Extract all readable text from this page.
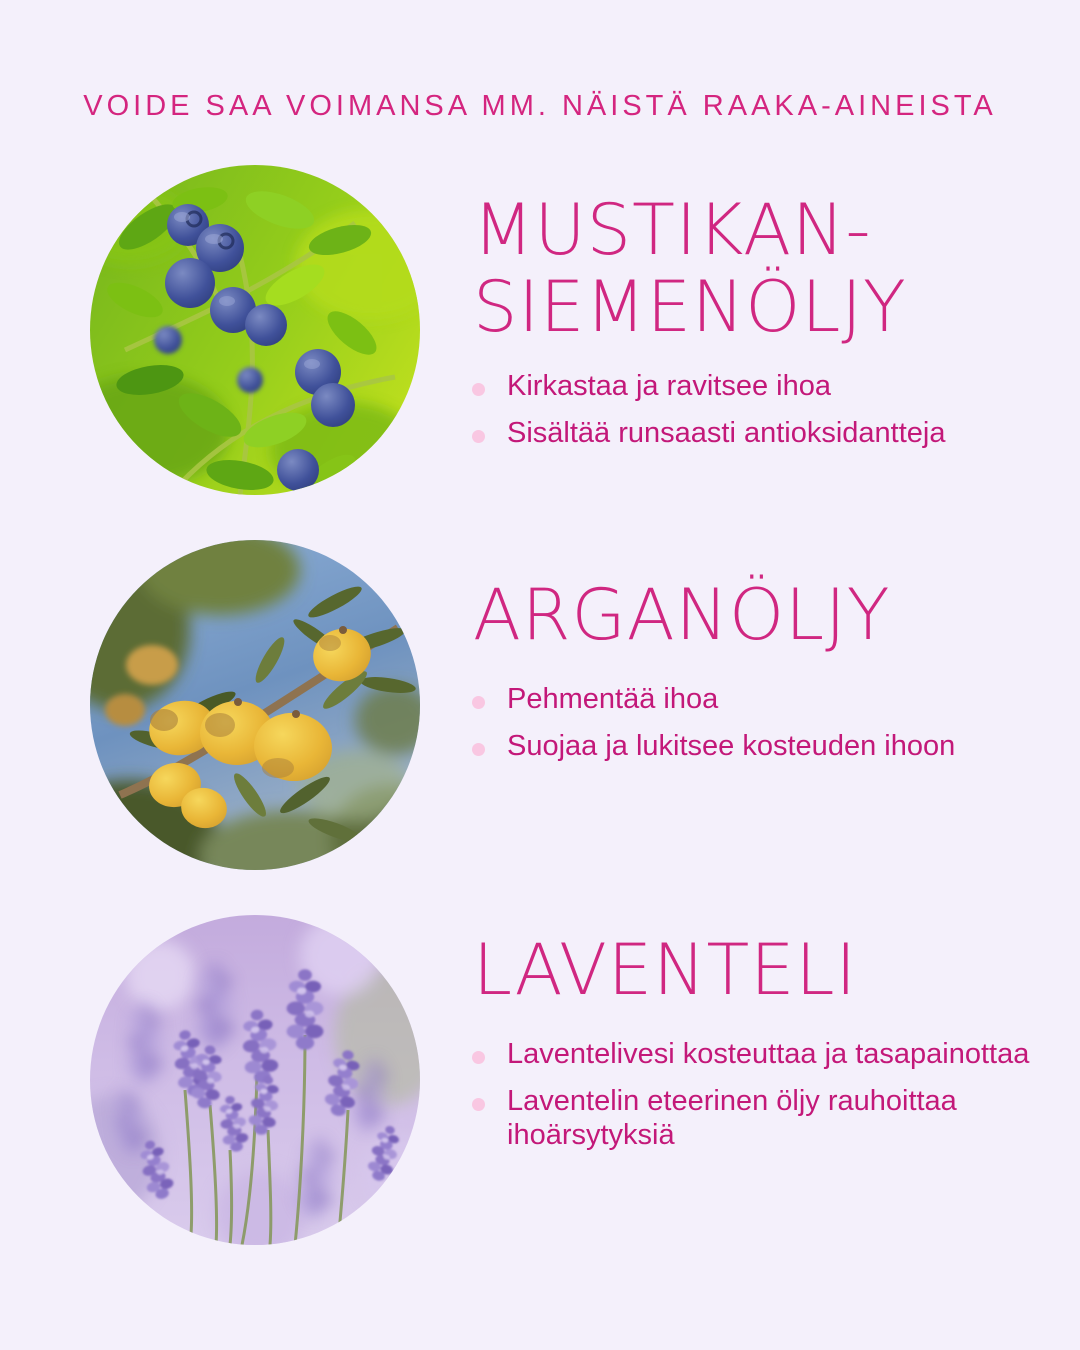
VOIDE SAA VOIMANSA MM. NÄISTÄ RAAKA-AINEISTA
MUSTIKAN-
SIEMENÖLJY
Kirkastaa ja ravitsee ihoa
Sisältää runsaasti antioksidantteja
ARGANÖLJY
Pehmentää ihoa
Suojaa ja lukitsee kosteuden ihoon
LAVENTELI
Laventelivesi kosteuttaa ja tasapainottaa
Laventelin eteerinen öljy rauhoittaa ihoärsytyksiä
